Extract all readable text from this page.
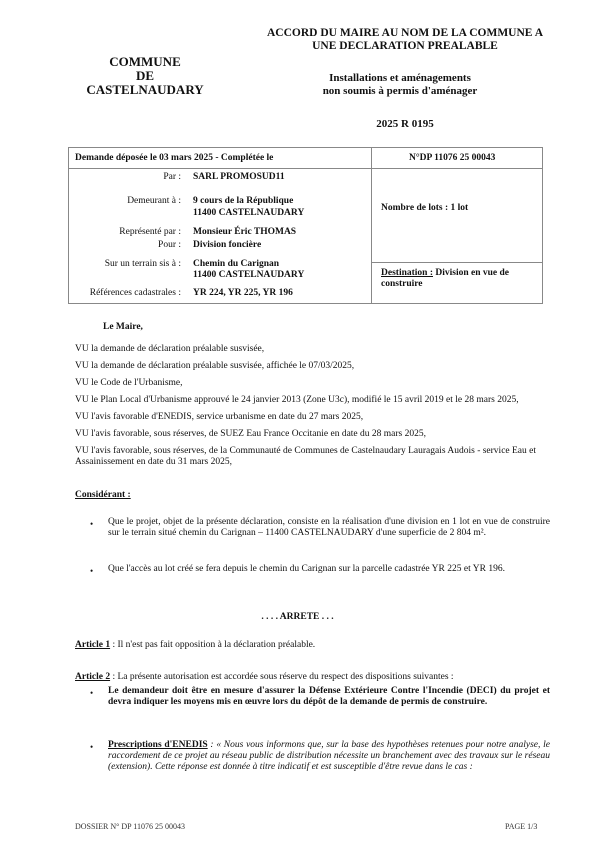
COMMUNE
DE
CASTELNAUDARY
ACCORD DU MAIRE AU NOM DE LA COMMUNE A
UNE DECLARATION PREALABLE
Installations et aménagements
non soumis à permis d'aménager
2025 R 0195
Demande déposée le 03 mars 2025 - Complétée le	N°DP 11076 25 00043
Par : SARL PROMOSUD11
Demeurant à : 9 cours de la République
11400 CASTELNAUDARY
Représenté par : Monsieur Éric THOMAS
Pour : Division foncière
Sur un terrain sis à : Chemin du Carignan
11400 CASTELNAUDARY
Références cadastrales : YR 224, YR 225, YR 196
Nombre de lots : 1 lot
Destination : Division en vue de construire
Le Maire,
VU la demande de déclaration préalable susvisée,
VU la demande de déclaration préalable susvisée, affichée le 07/03/2025,
VU le Code de l'Urbanisme,
VU le Plan Local d'Urbanisme approuvé le 24 janvier 2013 (Zone U3c), modifié le 15 avril 2019 et le 28 mars 2025,
VU l'avis favorable d'ENEDIS, service urbanisme en date du 27 mars 2025,
VU l'avis favorable, sous réserves, de SUEZ Eau France Occitanie en date du 28 mars 2025,
VU l'avis favorable, sous réserves, de la Communauté de Communes de Castelnaudary Lauragais Audois - service Eau et Assainissement en date du 31 mars 2025,
Considérant :
• Que le projet, objet de la présente déclaration, consiste en la réalisation d'une division en 1 lot en vue de construire sur le terrain situé chemin du Carignan – 11400 CASTELNAUDARY d'une superficie de 2 804 m².
• Que l'accès au lot créé se fera depuis le chemin du Carignan sur la parcelle cadastrée YR 225 et YR 196.
. . . . ARRETE . . .
Article 1 : Il n'est pas fait opposition à la déclaration préalable.
Article 2 : La présente autorisation est accordée sous réserve du respect des dispositions suivantes :
• Le demandeur doit être en mesure d'assurer la Défense Extérieure Contre l'Incendie (DECI) du projet et devra indiquer les moyens mis en œuvre lors du dépôt de la demande de permis de construire.
• Prescriptions d'ENEDIS : « Nous vous informons que, sur la base des hypothèses retenues pour notre analyse, le raccordement de ce projet au réseau public de distribution nécessite un branchement avec des travaux sur le réseau (extension). Cette réponse est donnée à titre indicatif et est susceptible d'être revue dans le cas :
DOSSIER N° DP 11076 25 00043	PAGE 1/3
